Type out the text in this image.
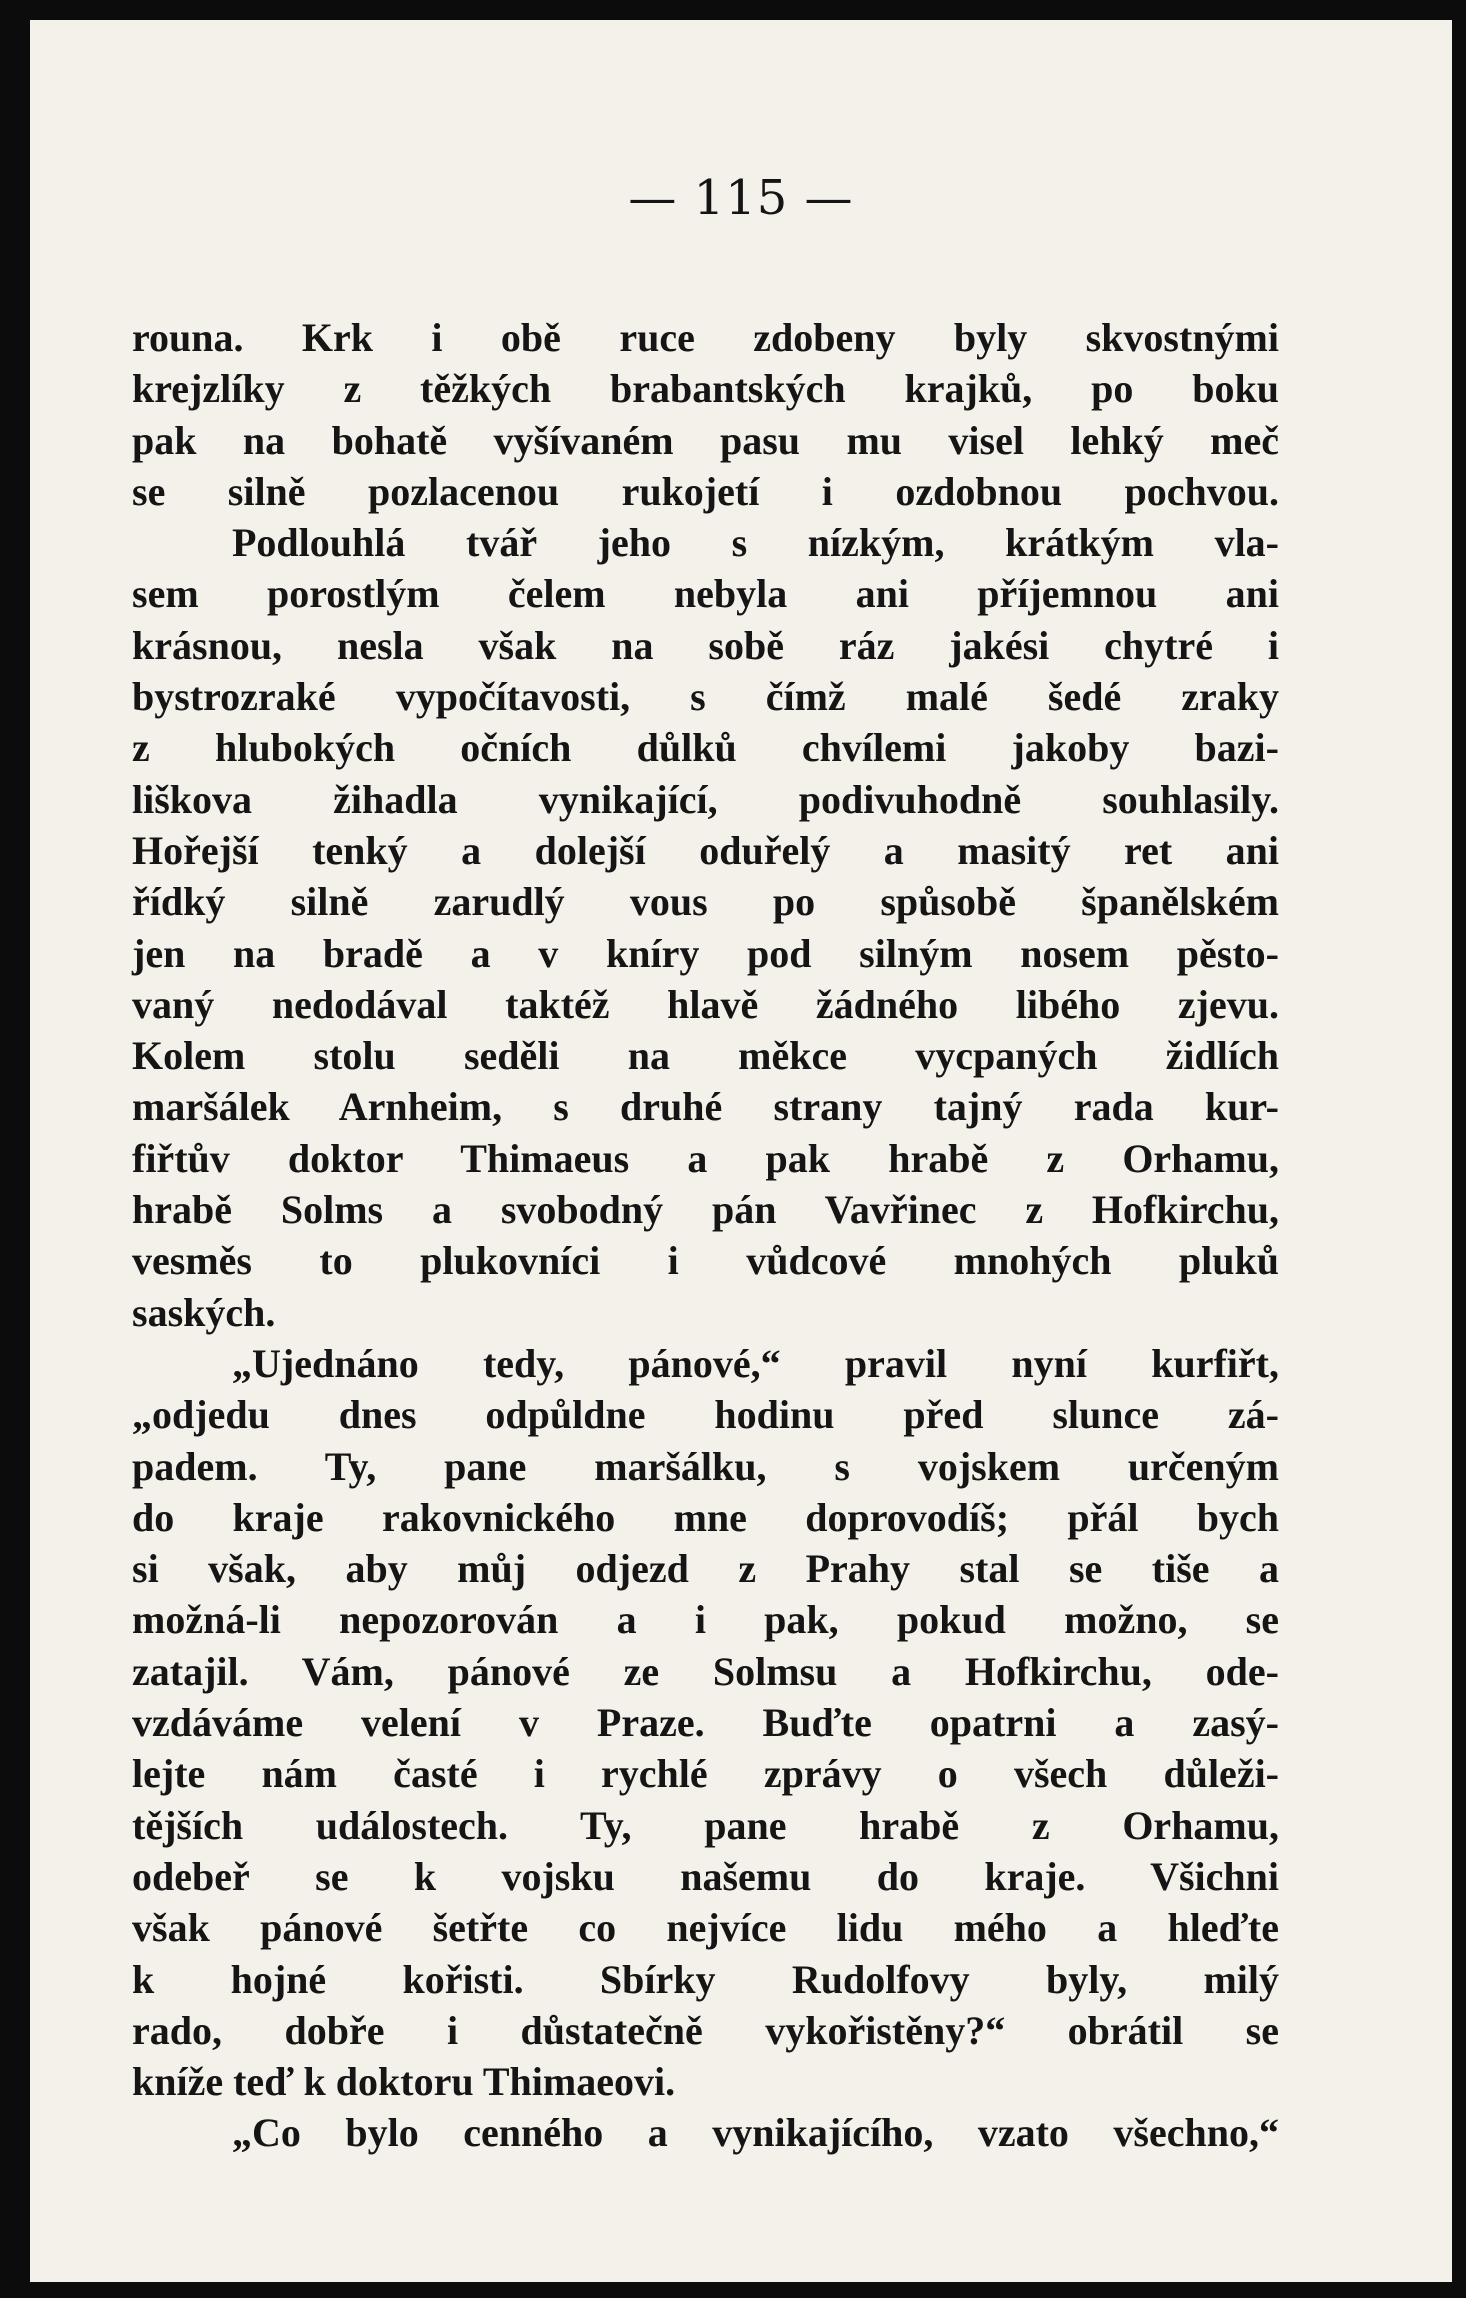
— 115 —
rouna. Krk i obě ruce zdobeny byly skvostnými
krejzlíky z těžkých brabantských krajků, po boku
pak na bohatě vyšívaném pasu mu visel lehký meč
se silně pozlacenou rukojetí i ozdobnou pochvou.
Podlouhlá tvář jeho s nízkým, krátkým vla-
sem porostlým čelem nebyla ani příjemnou ani
krásnou, nesla však na sobě ráz jakési chytré i
bystrozraké vypočítavosti, s čímž malé šedé zraky
z hlubokých očních důlků chvílemi jakoby bazi-
liškova žihadla vynikající, podivuhodně souhlasily.
Hořejší tenký a dolejší oduřelý a masitý ret ani
řídký silně zarudlý vous po spůsobě španělském
jen na bradě a v kníry pod silným nosem pěsto-
vaný nedodával taktéž hlavě žádného libého zjevu.
Kolem stolu seděli na měkce vycpaných židlích
maršálek Arnheim, s druhé strany tajný rada kur-
fiřtův doktor Thimaeus a pak hrabě z Orhamu,
hrabě Solms a svobodný pán Vavřinec z Hofkirchu,
vesměs to plukovníci i vůdcové mnohých pluků
saských.
„Ujednáno tedy, pánové,“ pravil nyní kurfiřt,
„odjedu dnes odpůldne hodinu před slunce zá-
padem. Ty, pane maršálku, s vojskem určeným
do kraje rakovnického mne doprovodíš; přál bych
si však, aby můj odjezd z Prahy stal se tiše a
možná-li nepozorován a i pak, pokud možno, se
zatajil. Vám, pánové ze Solmsu a Hofkirchu, ode-
vzdáváme velení v Praze. Buďte opatrni a zasý-
lejte nám časté i rychlé zprávy o všech důleži-
tějších událostech. Ty, pane hrabě z Orhamu,
odebeř se k vojsku našemu do kraje. Všichni
však pánové šetřte co nejvíce lidu mého a hleďte
k hojné kořisti. Sbírky Rudolfovy byly, milý
rado, dobře i důstatečně vykořistěny?“ obrátil se
kníže teď k doktoru Thimaeovi.
„Co bylo cenného a vynikajícího, vzato všechno,“
